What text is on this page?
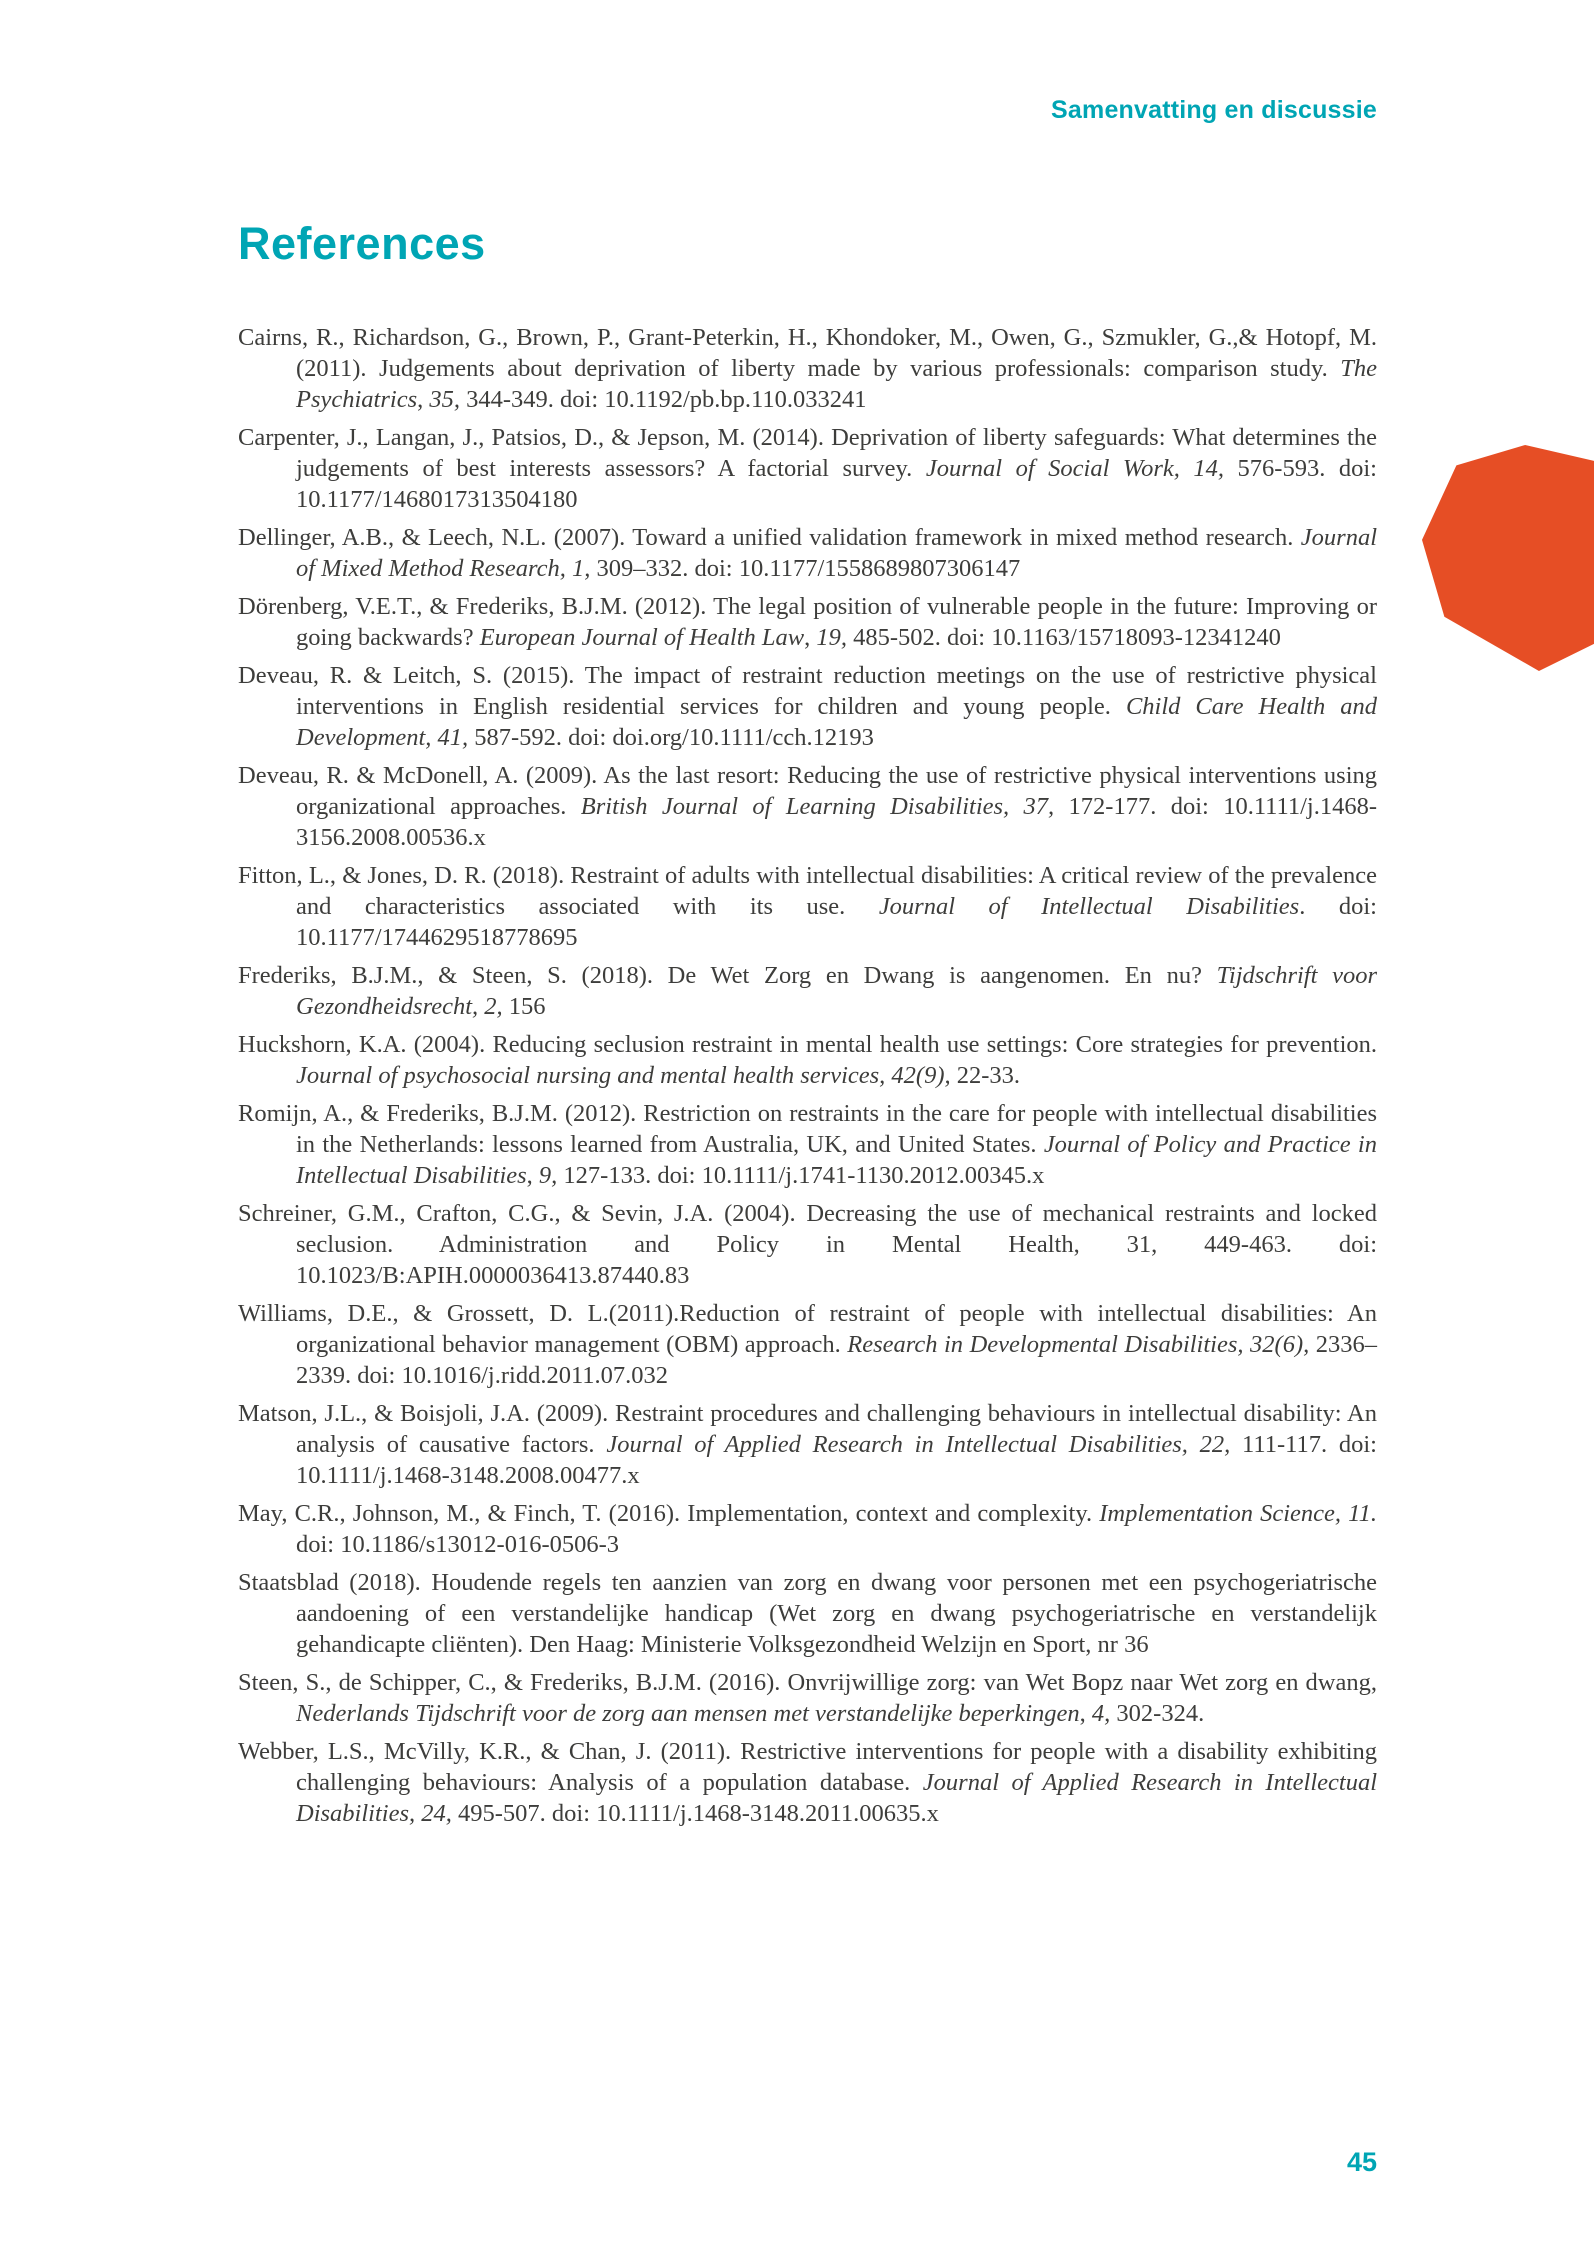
Samenvatting en discussie
References

Cairns, R., Richardson, G., Brown, P., Grant-Peterkin, H., Khondoker, M., Owen, G., Szmukler, G.,& Hotopf, M. (2011). Judgements about deprivation of liberty made by various professionals: comparison study. The Psychiatrics, 35, 344-349. doi: 10.1192/pb.bp.110.033241

Carpenter, J., Langan, J., Patsios, D., & Jepson, M. (2014). Deprivation of liberty safeguards: What determines the judgements of best interests assessors? A factorial survey. Journal of Social Work, 14, 576-593. doi: 10.1177/1468017313504180

Dellinger, A.B., & Leech, N.L. (2007). Toward a unified validation framework in mixed method research. Journal of Mixed Method Research, 1, 309–332. doi: 10.1177/1558689807306147

Dörenberg, V.E.T., & Frederiks, B.J.M. (2012). The legal position of vulnerable people in the future: Improving or going backwards? European Journal of Health Law, 19, 485-502. doi: 10.1163/15718093-12341240

Deveau, R. & Leitch, S. (2015). The impact of restraint reduction meetings on the use of restrictive physical interventions in English residential services for children and young people. Child Care Health and Development, 41, 587-592. doi: doi.org/10.1111/cch.12193

Deveau, R. & McDonell, A. (2009). As the last resort: Reducing the use of restrictive physical interventions using organizational approaches. British Journal of Learning Disabilities, 37, 172-177. doi: 10.1111/j.1468-3156.2008.00536.x

Fitton, L., & Jones, D. R. (2018). Restraint of adults with intellectual disabilities: A critical review of the prevalence and characteristics associated with its use. Journal of Intellectual Disabilities. doi: 10.1177/1744629518778695

Frederiks, B.J.M., & Steen, S. (2018). De Wet Zorg en Dwang is aangenomen. En nu? Tijdschrift voor Gezondheidsrecht, 2, 156

Huckshorn, K.A. (2004). Reducing seclusion restraint in mental health use settings: Core strategies for prevention. Journal of psychosocial nursing and mental health services, 42(9), 22-33.

Romijn, A., & Frederiks, B.J.M. (2012). Restriction on restraints in the care for people with intellectual disabilities in the Netherlands: lessons learned from Australia, UK, and United States. Journal of Policy and Practice in Intellectual Disabilities, 9, 127-133. doi: 10.1111/j.1741-1130.2012.00345.x

Schreiner, G.M., Crafton, C.G., & Sevin, J.A. (2004). Decreasing the use of mechanical restraints and locked seclusion. Administration and Policy in Mental Health, 31, 449-463. doi: 10.1023/B:APIH.0000036413.87440.83

Williams, D.E., & Grossett, D. L.(2011).Reduction of restraint of people with intellectual disabilities: An organizational behavior management (OBM) approach. Research in Developmental Disabilities, 32(6), 2336–2339. doi: 10.1016/j.ridd.2011.07.032

Matson, J.L., & Boisjoli, J.A. (2009). Restraint procedures and challenging behaviours in intellectual disability: An analysis of causative factors. Journal of Applied Research in Intellectual Disabilities, 22, 111-117. doi: 10.1111/j.1468-3148.2008.00477.x

May, C.R., Johnson, M., & Finch, T. (2016). Implementation, context and complexity. Implementation Science, 11. doi: 10.1186/s13012-016-0506-3

Staatsblad (2018). Houdende regels ten aanzien van zorg en dwang voor personen met een psychogeriatrische aandoening of een verstandelijke handicap (Wet zorg en dwang psychogeriatrische en verstandelijk gehandicapte cliënten). Den Haag: Ministerie Volksgezondheid Welzijn en Sport, nr 36

Steen, S., de Schipper, C., & Frederiks, B.J.M. (2016). Onvrijwillige zorg: van Wet Bopz naar Wet zorg en dwang, Nederlands Tijdschrift voor de zorg aan mensen met verstandelijke beperkingen, 4, 302-324.

Webber, L.S., McVilly, K.R., & Chan, J. (2011). Restrictive interventions for people with a disability exhibiting challenging behaviours: Analysis of a population database. Journal of Applied Research in Intellectual Disabilities, 24, 495-507. doi: 10.1111/j.1468-3148.2011.00635.x

45
